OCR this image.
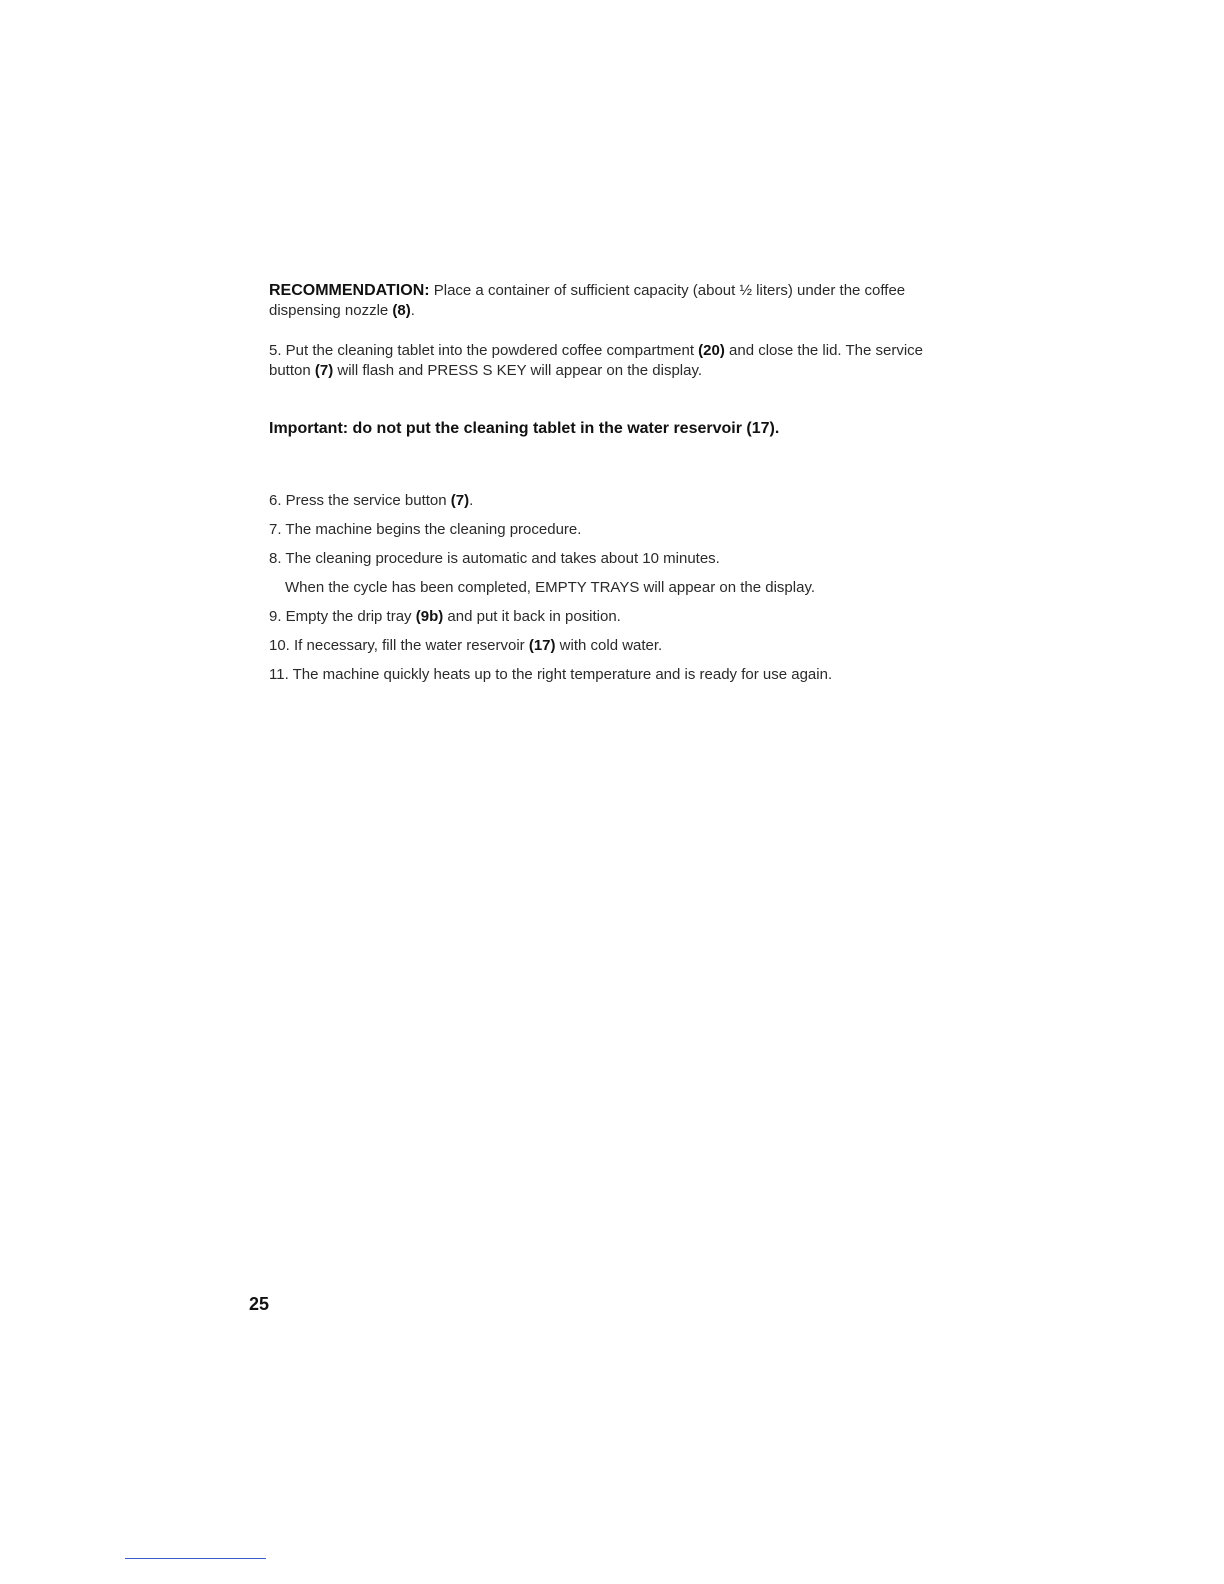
RECOMMENDATION: Place a container of sufficient capacity (about ½ liters) under the coffee dispensing nozzle (8).

5. Put the cleaning tablet into the powdered coffee compartment (20) and close the lid. The service button (7) will flash and PRESS S KEY will appear on the display.

Important: do not put the cleaning tablet in the water reservoir (17).

6. Press the service button (7).
7. The machine begins the cleaning procedure.
8. The cleaning procedure is automatic and takes about 10 minutes.
When the cycle has been completed, EMPTY TRAYS will appear on the display.
9. Empty the drip tray (9b) and put it back in position.
10. If necessary, fill the water reservoir (17) with cold water.
11. The machine quickly heats up to the right temperature and is ready for use again.
25
